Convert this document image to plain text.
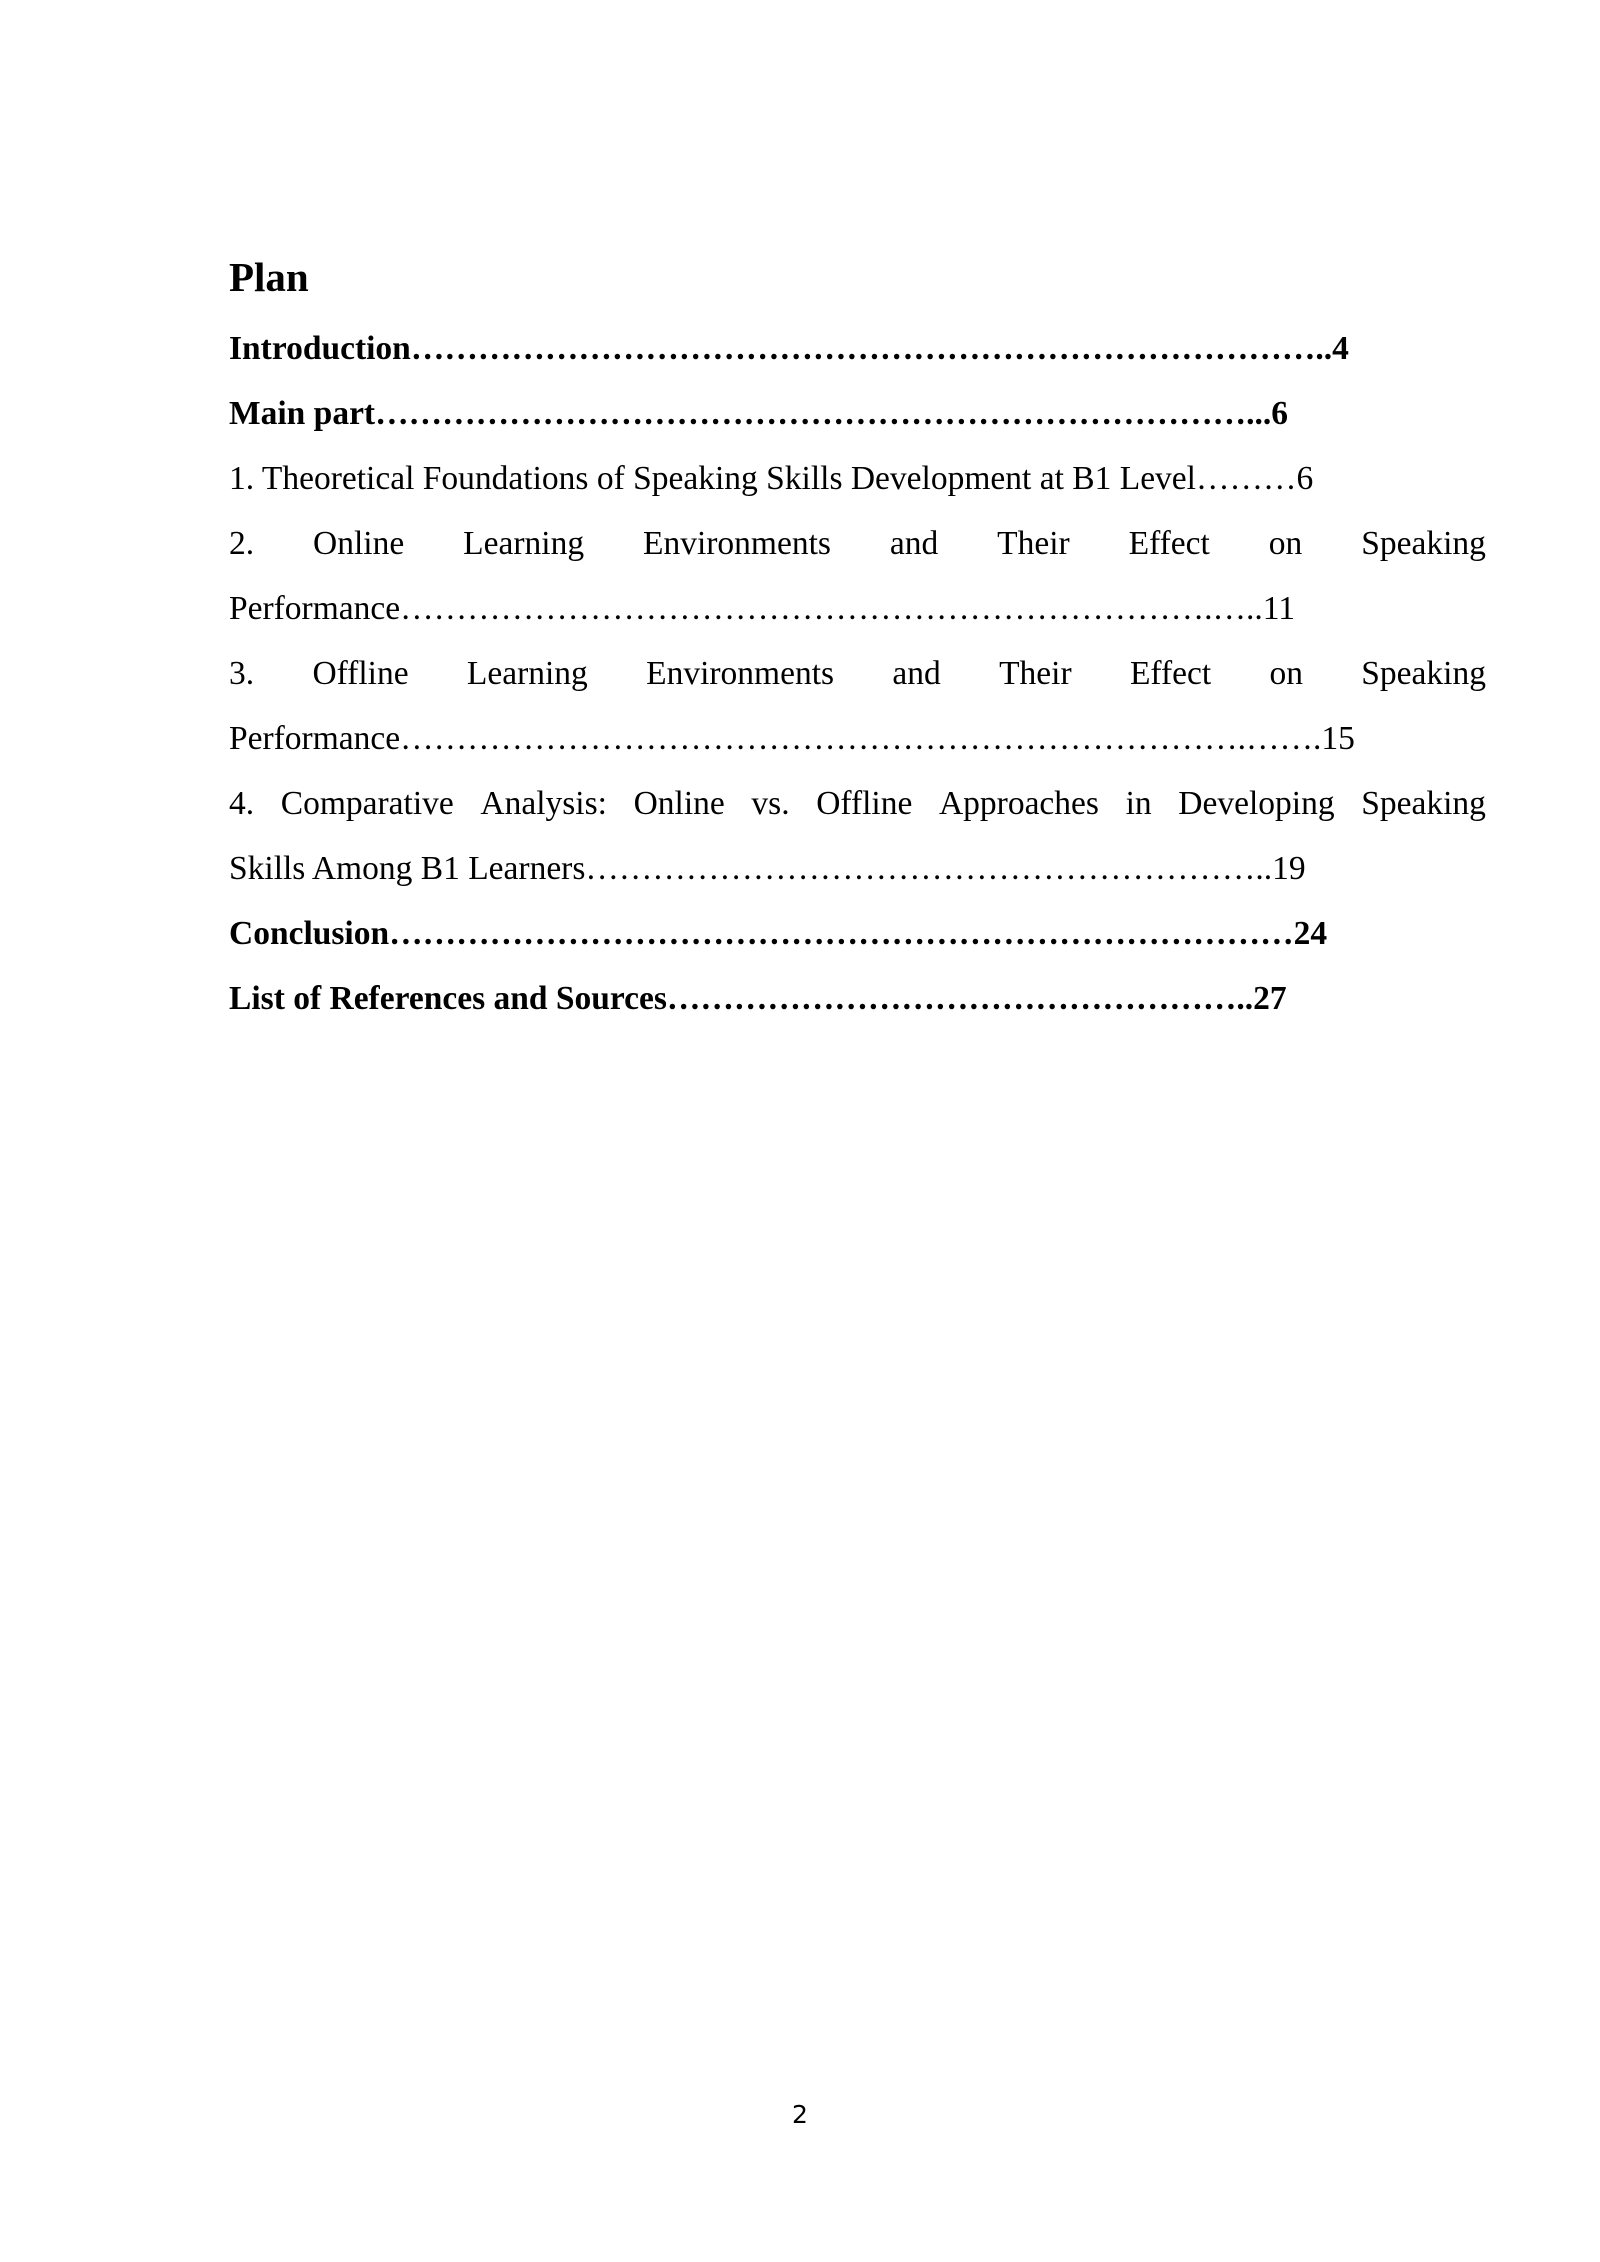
Plan
Introduction………………………………………………………………………..4
Main part……………………………………………………………………...6
1. Theoretical Foundations of Speaking Skills Development at B1 Level………6
2. Online Learning Environments and Their Effect on Speaking
Performance……………………………………………………………….…..11
3. Offline Learning Environments and Their Effect on Speaking
Performance………………………………………………………………….…….15
4. Comparative Analysis: Online vs. Offline Approaches in Developing Speaking
Skills Among B1 Learners……………………………………………………..19
Conclusion………………………………………………………………………24
List of References and Sources……………………………………………..27
2
